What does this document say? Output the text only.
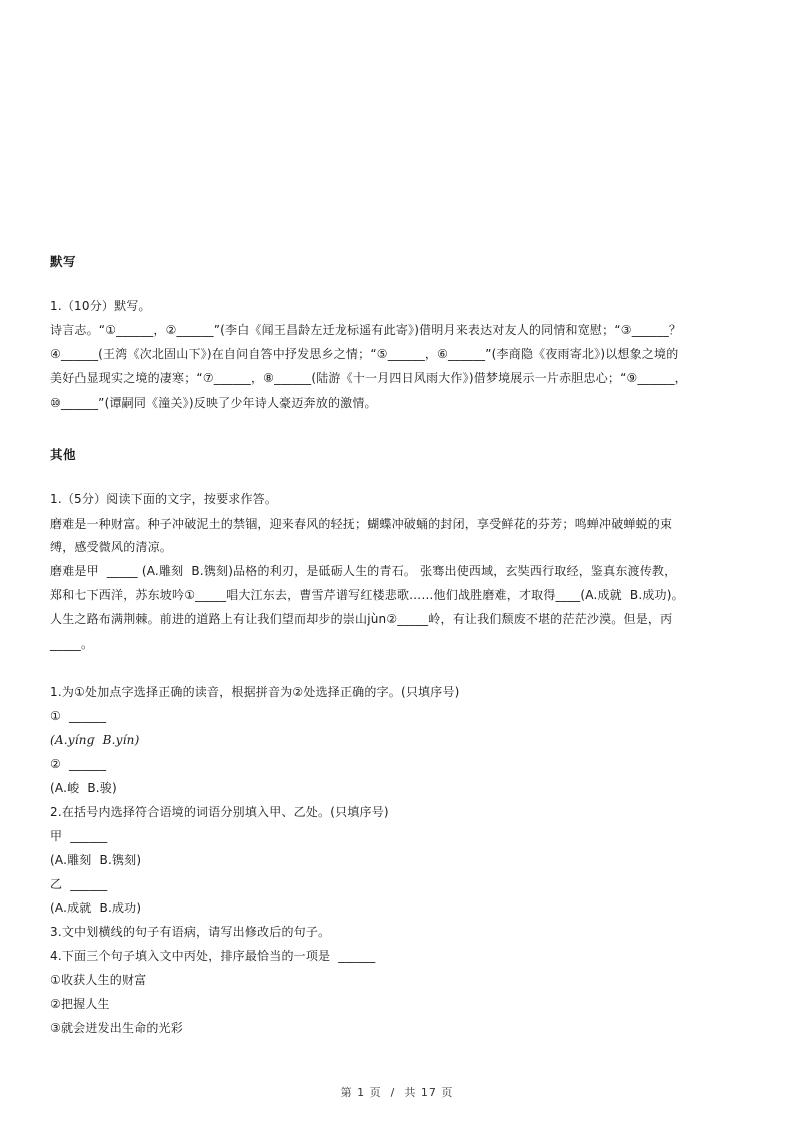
默写
1.（10分）默写。
诗言志。“①______，②______”(李白《闻王昌龄左迁龙标遥有此寄》)借明月来表达对友人的同情和宽慰；“③______？
④______(王湾《次北固山下》)在自问自答中抒发思乡之情；“⑤______，⑥______”(李商隐《夜雨寄北》)以想象之境的
美好凸显现实之境的凄寒；“⑦______，⑧______(陆游《十一月四日风雨大作》)借梦境展示一片赤胆忠心；“⑨______，
⑩______”(谭嗣同《潼关》)反映了少年诗人豪迈奔放的激情。
其他
1.（5分）阅读下面的文字，按要求作答。
磨难是一种财富。种子冲破泥土的禁锢，迎来春风的轻抚；蝴蝶冲破蛹的封闭，享受鲜花的芬芳；鸣蝉冲破蝉蜕的束
缚，感受微风的清凉。
磨难是甲  _____ (A.雕刻  B.镌刻)品格的利刃，是砥砺人生的青石。 张骞出使西域，玄奘西行取经，鉴真东渡传教，
郑和七下西洋，苏东坡吟①_____唱大江东去，曹雪芹谱写红楼悲歌……他们战胜磨难，才取得____(A.成就  B.成功)。
人生之路布满荆棘。前进的道路上有让我们望而却步的崇山jùn②_____岭，有让我们颓废不堪的茫茫沙漠。但是，丙
_____。
1.为①处加点字选择正确的读音，根据拼音为②处选择正确的字。(只填序号)
①  ______
(A.yínɡ  B.yín)
②  ______
(A.峻  B.骏)
2.在括号内选择符合语境的词语分别填入甲、乙处。(只填序号)
甲  ______
(A.雕刻  B.镌刻)
乙  ______
(A.成就  B.成功)
3.文中划横线的句子有语病，请写出修改后的句子。
4.下面三个句子填入文中丙处，排序最恰当的一项是  ______
①收获人生的财富
②把握人生
③就会迸发出生命的光彩
第 1 页  /  共 17 页
